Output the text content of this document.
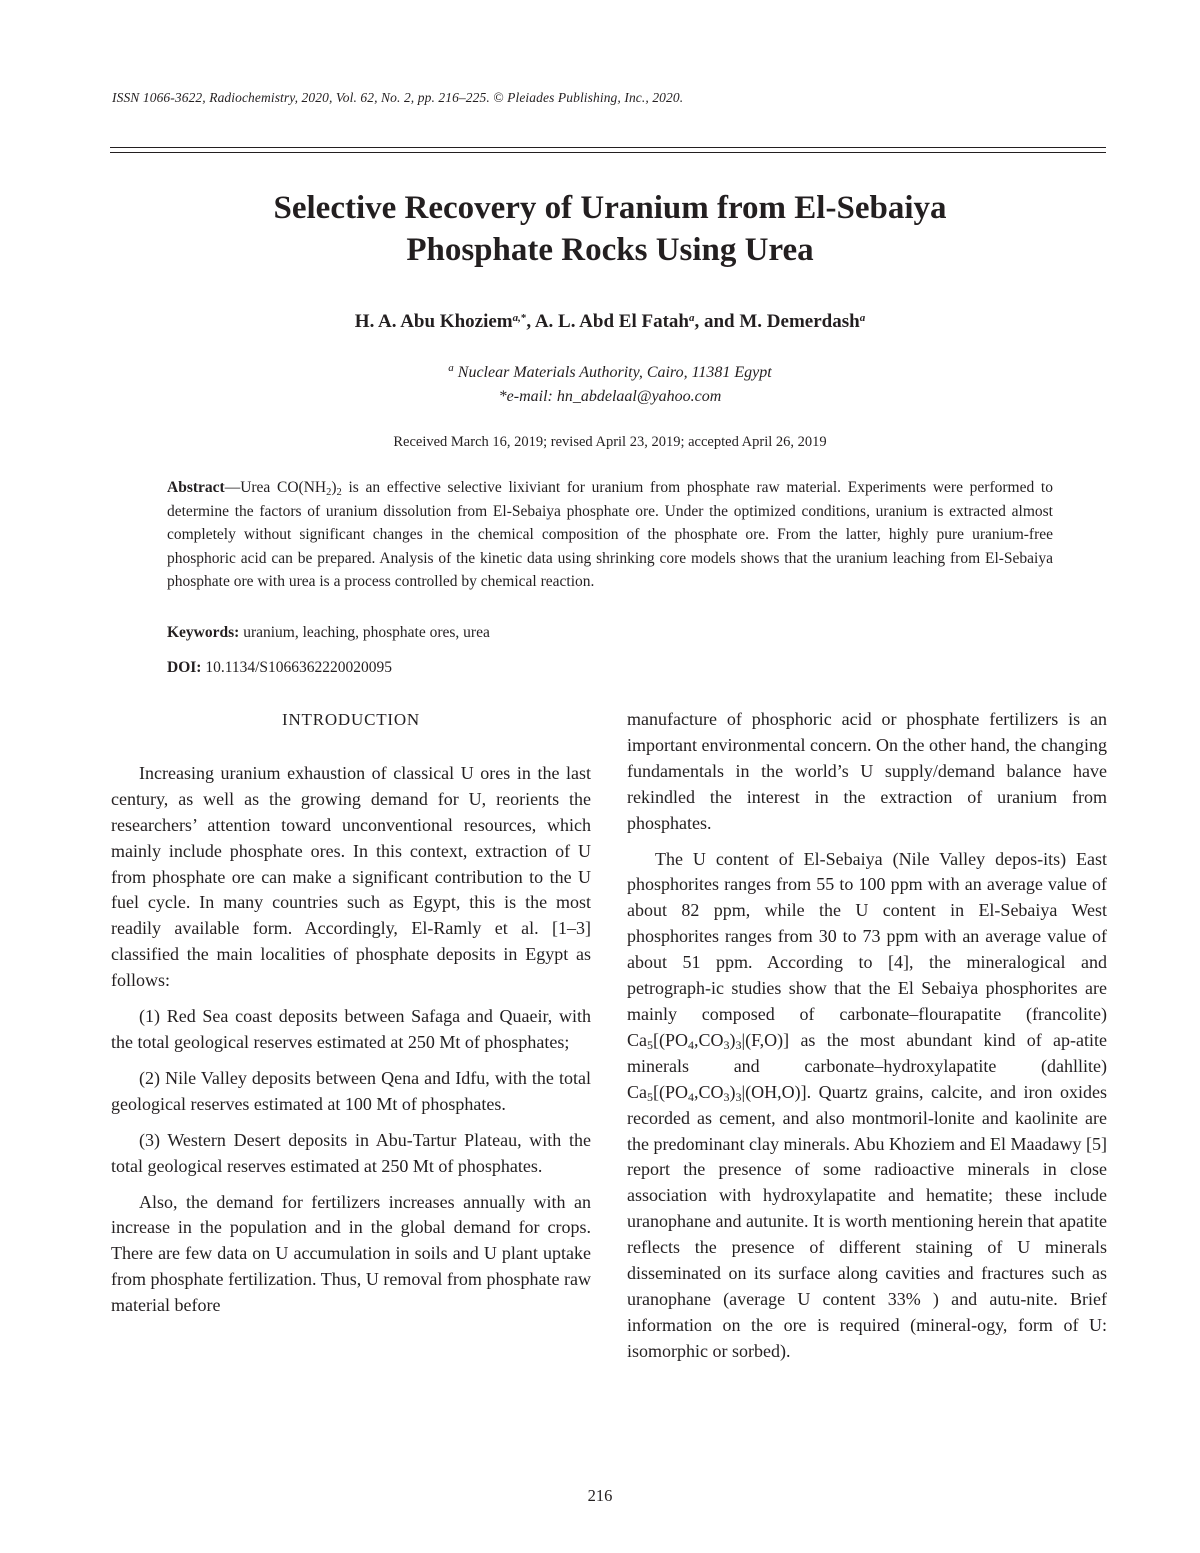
ISSN 1066-3622, Radiochemistry, 2020, Vol. 62, No. 2, pp. 216–225. © Pleiades Publishing, Inc., 2020.
Selective Recovery of Uranium from El-Sebaiya
Phosphate Rocks Using Urea
H. A. Abu Khoziem$^{a,*}$, A. L. Abd El Fatah$^a$, and M. Demerdash$^a$
$^a$ Nuclear Materials Authority, Cairo, 11381 Egypt
*e-mail: hn_abdelaal@yahoo.com
Received March 16, 2019; revised April 23, 2019; accepted April 26, 2019
Abstract—Urea $CO(NH_2)_2$ is an effective selective lixiviant for uranium from phosphate raw material. Experiments were performed to determine the factors of uranium dissolution from El-Sebaiya phosphate ore. Under the optimized conditions, uranium is extracted almost completely without significant changes in the chemical composition of the phosphate ore. From the latter, highly pure uranium-free phosphoric acid can be prepared. Analysis of the kinetic data using shrinking core models shows that the uranium leaching from El-Sebaiya phosphate ore with urea is a process controlled by chemical reaction.
Keywords: uranium, leaching, phosphate ores, urea
DOI: 10.1134/S1066362220020095
INTRODUCTION

Increasing uranium exhaustion of classical U ores in the last century, as well as the growing demand for U, reorients the researchers’ attention toward unconventional resources, which mainly include phosphate ores. In this context, extraction of U from phosphate ore can make a significant contribution to the U fuel cycle. In many countries such as Egypt, this is the most readily available form. Accordingly, El-Ramly et al. [1–3] classified the main localities of phosphate deposits in Egypt as follows:

(1) Red Sea coast deposits between Safaga and Quaeir, with the total geological reserves estimated at 250 Mt of phosphates;

(2) Nile Valley deposits between Qena and Idfu, with the total geological reserves estimated at 100 Mt of phosphates.

(3) Western Desert deposits in Abu-Tartur Plateau, with the total geological reserves estimated at 250 Mt of phosphates.

Also, the demand for fertilizers increases annually with an increase in the population and in the global demand for crops. There are few data on U accumulation in soils and U plant uptake from phosphate fertilization. Thus, U removal from phosphate raw material before

manufacture of phosphoric acid or phosphate fertilizers is an important environmental concern. On the other hand, the changing fundamentals in the world’s U supply/demand balance have rekindled the interest in the extraction of uranium from phosphates.

The U content of El-Sebaiya (Nile Valley depos-its) East phosphorites ranges from 55 to 100 ppm with an average value of about 82 ppm, while the U content in El-Sebaiya West phosphorites ranges from 30 to 73 ppm with an average value of about 51 ppm. According to [4], the mineralogical and petrograph-ic studies show that the El Sebaiya phosphorites are mainly composed of carbonate–flourapatite (francolite) $Ca_5[(PO_4,CO_3)_3|(F,O)]$ as the most abundant kind of ap-atite minerals and carbonate–hydroxylapatite (dahllite) $Ca_5[(PO_4,CO_3)_3|(OH,O)]$. Quartz grains, calcite, and iron oxides recorded as cement, and also montmoril-lonite and kaolinite are the predominant clay minerals. Abu Khoziem and El Maadawy [5] report the presence of some radioactive minerals in close association with hydroxylapatite and hematite; these include uranophane and autunite. It is worth mentioning herein that apatite reflects the presence of different staining of U minerals disseminated on its surface along cavities and fractures such as uranophane (average U content 33% ) and autu-nite. Brief information on the ore is required (mineral-ogy, form of U: isomorphic or sorbed).

216
